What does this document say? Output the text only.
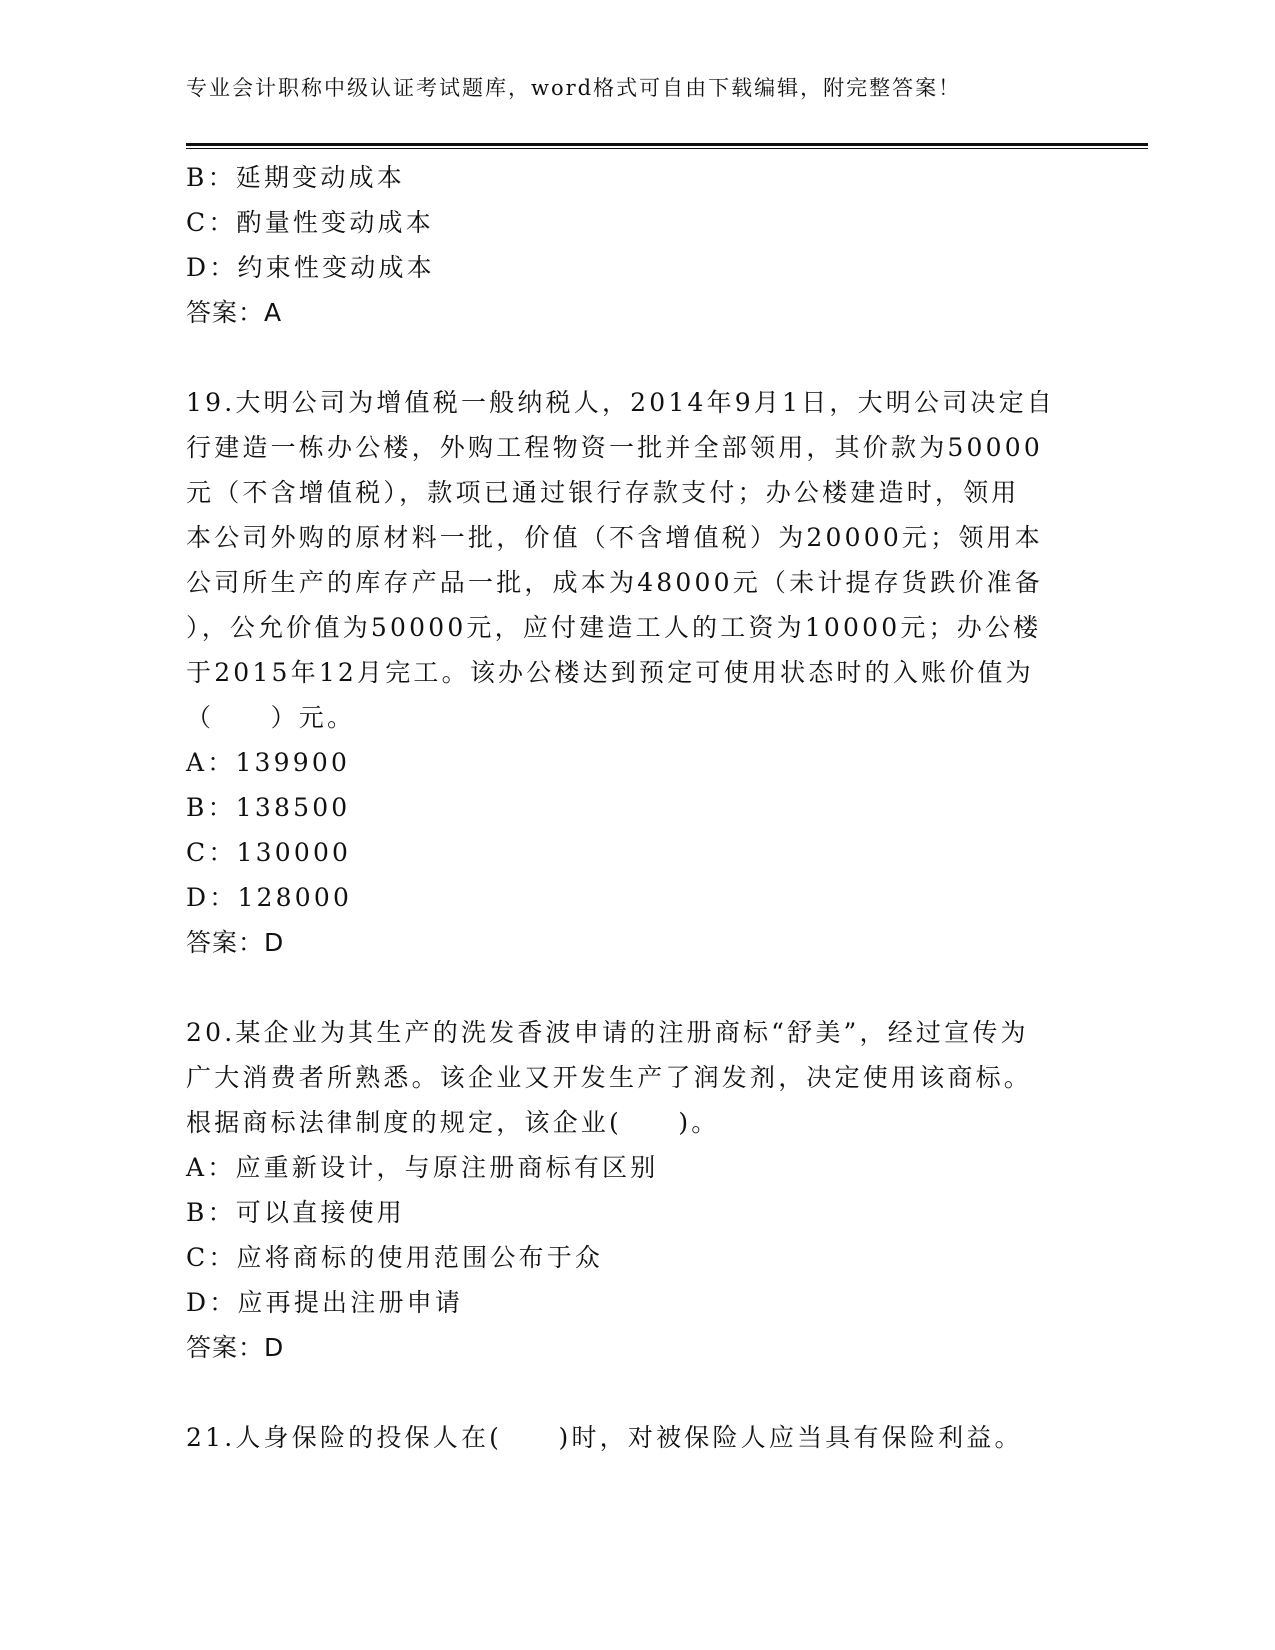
专业会计职称中级认证考试题库，word格式可自由下载编辑，附完整答案！
B：延期变动成本
C：酌量性变动成本
D：约束性变动成本
答案：A
19.大明公司为增值税一般纳税人，2014年9月1日，大明公司决定自
行建造一栋办公楼，外购工程物资一批并全部领用，其价款为50000
元（不含增值税），款项已通过银行存款支付；办公楼建造时，领用
本公司外购的原材料一批，价值（不含增值税）为20000元；领用本
公司所生产的库存产品一批，成本为48000元（未计提存货跌价准备
），公允价值为50000元，应付建造工人的工资为10000元；办公楼
于2015年12月完工。该办公楼达到预定可使用状态时的入账价值为
（　　）元。
A：139900
B：138500
C：130000
D：128000
答案：D
20.某企业为其生产的洗发香波申请的注册商标“舒美”，经过宣传为
广大消费者所熟悉。该企业又开发生产了润发剂，决定使用该商标。
根据商标法律制度的规定，该企业(　　)。
A：应重新设计，与原注册商标有区别
B：可以直接使用
C：应将商标的使用范围公布于众
D：应再提出注册申请
答案：D
21.人身保险的投保人在(　　)时，对被保险人应当具有保险利益。
